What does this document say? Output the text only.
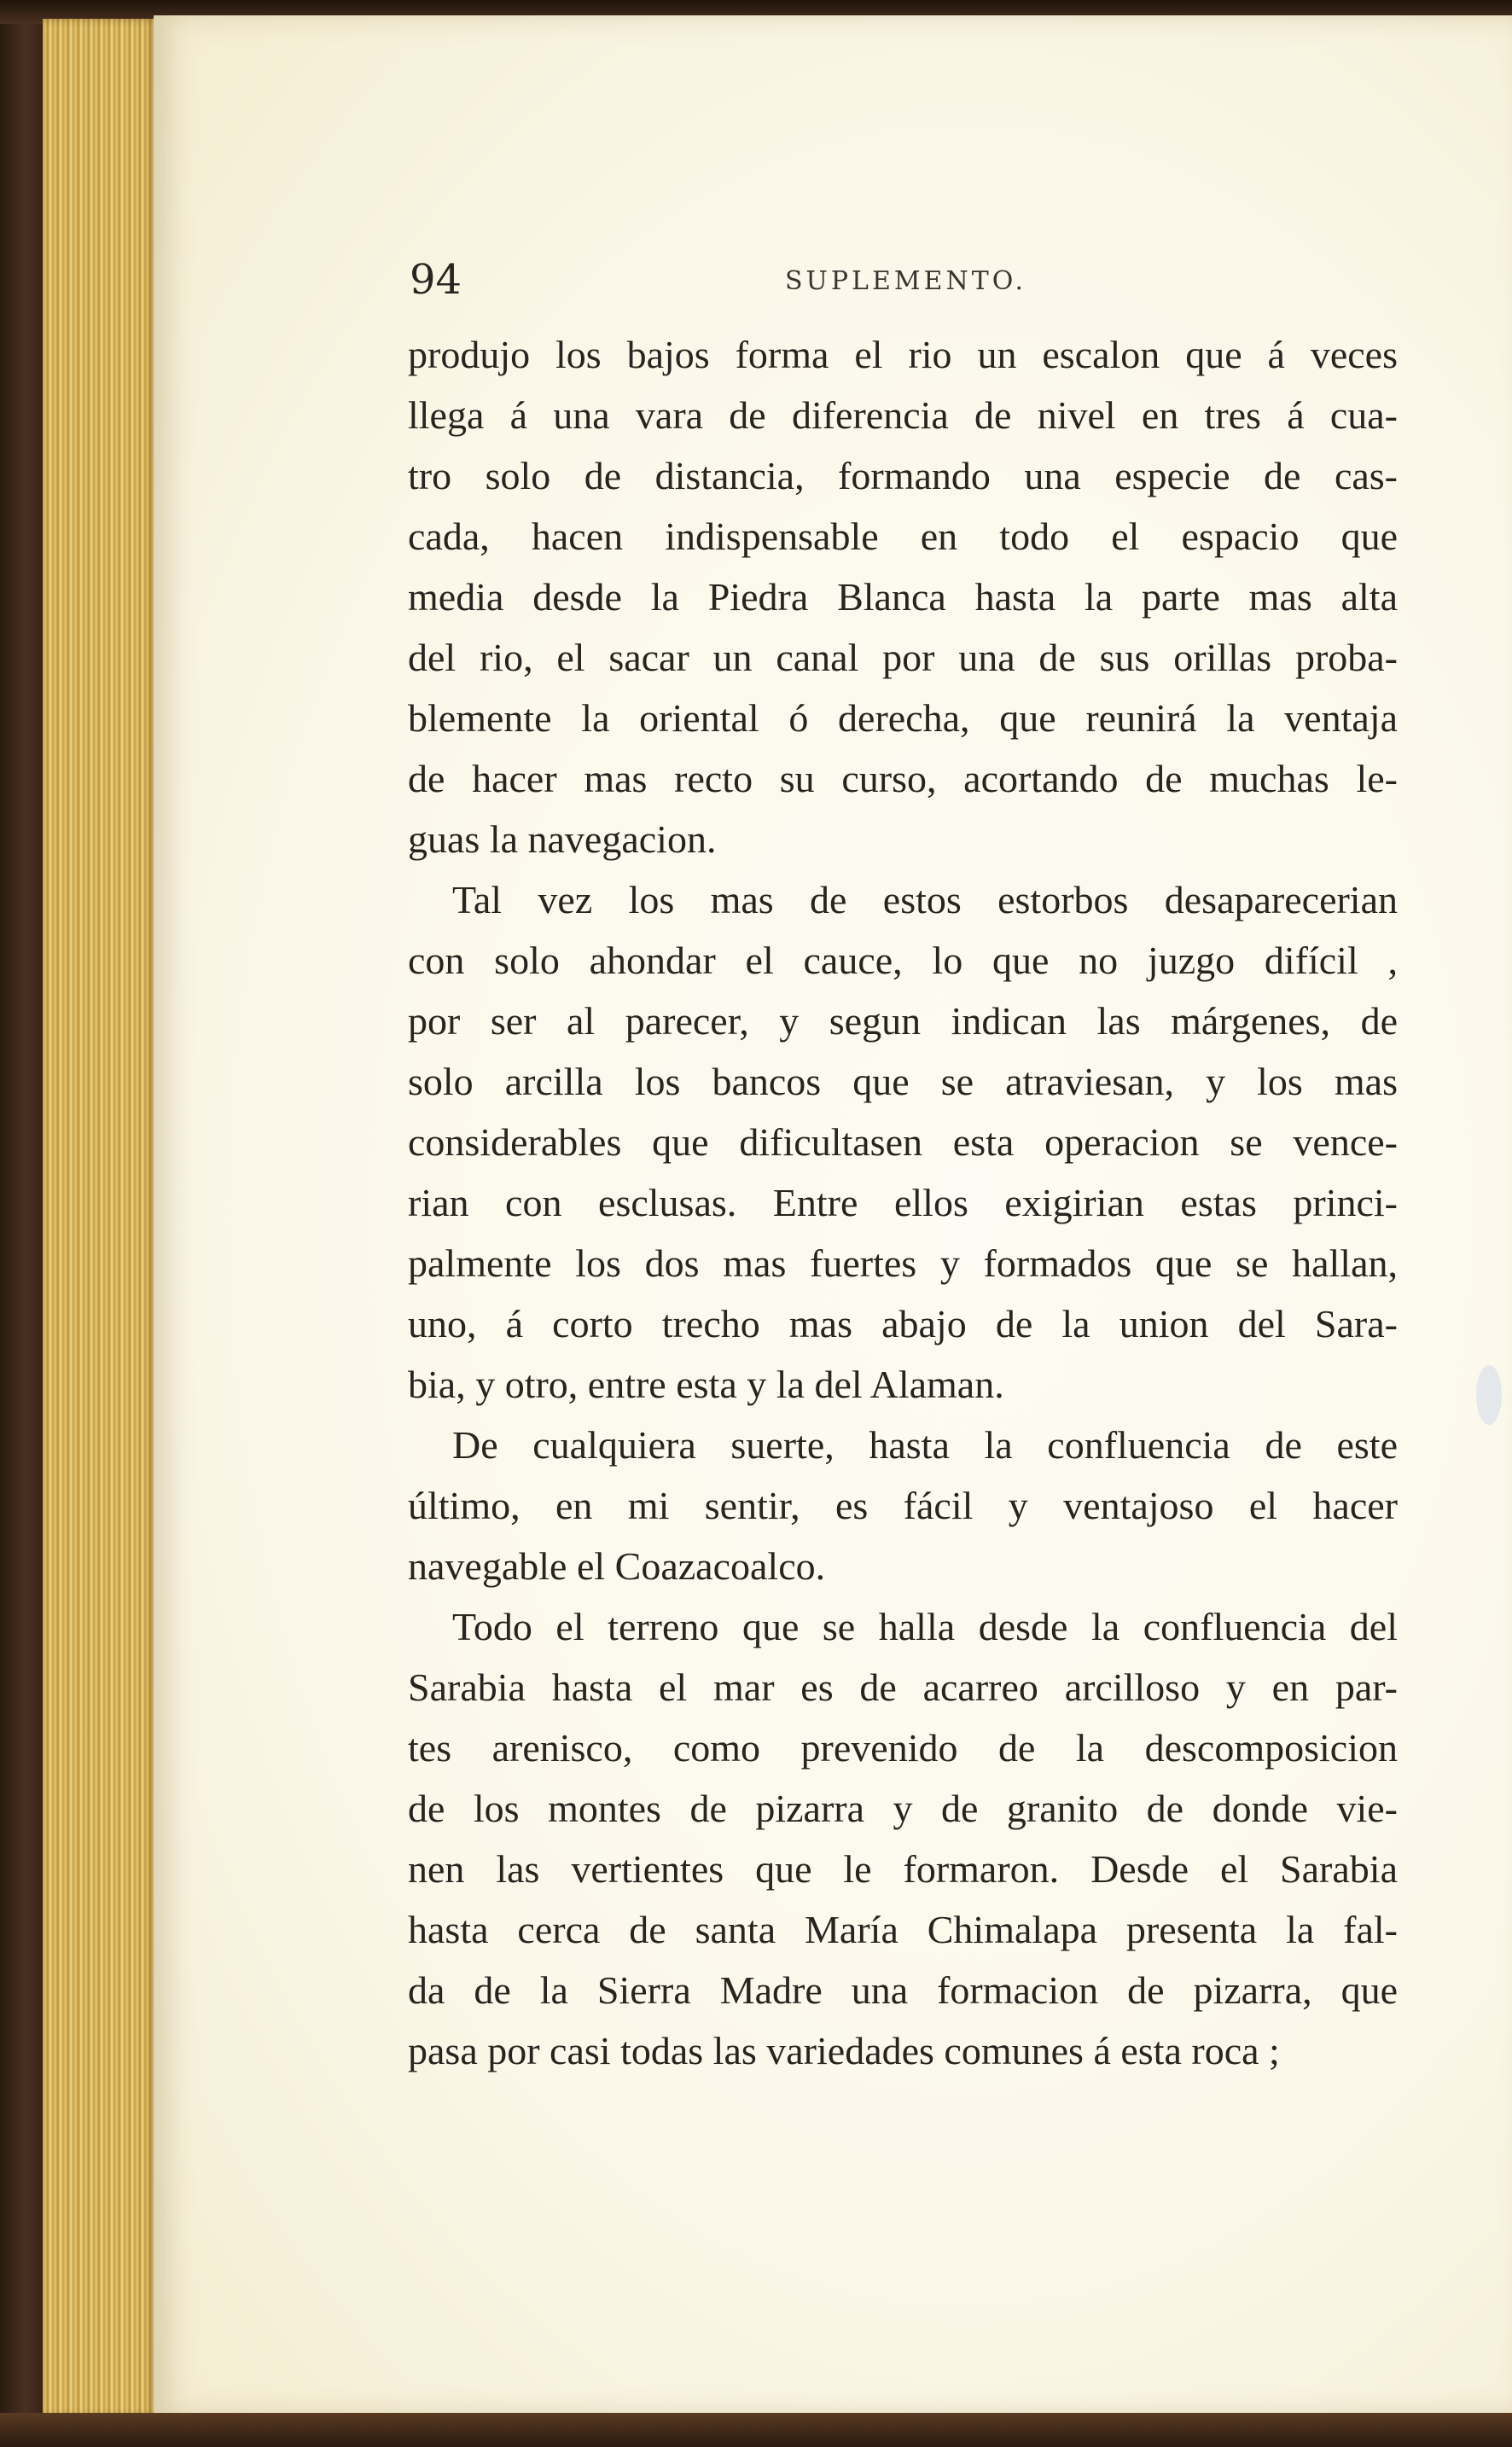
94	SUPLEMENTO.
produjo los bajos forma el rio un escalon que á veces
llega á una vara de diferencia de nivel en tres á cua-
tro solo de distancia, formando una especie de cas-
cada, hacen indispensable en todo el espacio que
media desde la Piedra Blanca hasta la parte mas alta
del rio, el sacar un canal por una de sus orillas proba-
blemente la oriental ó derecha, que reunirá la ventaja
de hacer mas recto su curso, acortando de muchas le-
guas la navegacion.
Tal vez los mas de estos estorbos desaparecerian
con solo ahondar el cauce, lo que no juzgo difícil ,
por ser al parecer, y segun indican las márgenes, de
solo arcilla los bancos que se atraviesan, y los mas
considerables que dificultasen esta operacion se vence-
rian con esclusas. Entre ellos exigirian estas princi-
palmente los dos mas fuertes y formados que se hallan,
uno, á corto trecho mas abajo de la union del Sara-
bia, y otro, entre esta y la del Alaman.
De cualquiera suerte, hasta la confluencia de este
último, en mi sentir, es fácil y ventajoso el hacer
navegable el Coazacoalco.
Todo el terreno que se halla desde la confluencia del
Sarabia hasta el mar es de acarreo arcilloso y en par-
tes arenisco, como prevenido de la descomposicion
de los montes de pizarra y de granito de donde vie-
nen las vertientes que le formaron. Desde el Sarabia
hasta cerca de santa María Chimalapa presenta la fal-
da de la Sierra Madre una formacion de pizarra, que
pasa por casi todas las variedades comunes á esta roca ;
